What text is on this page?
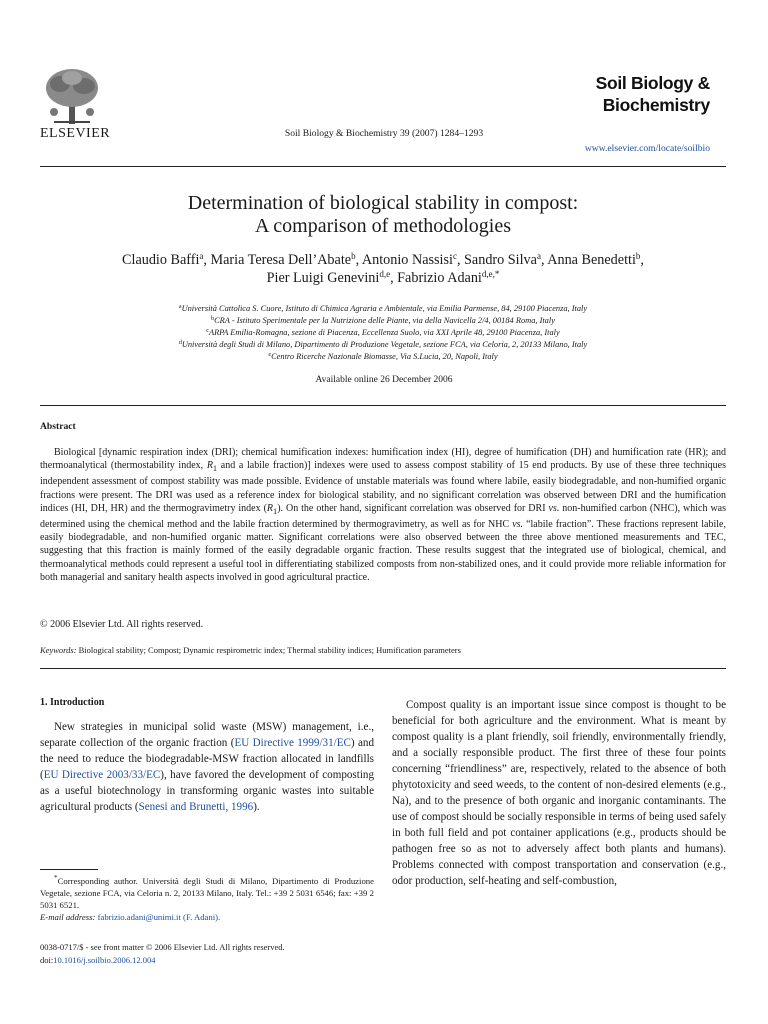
ELSEVIER	Soil Biology & Biochemistry 39 (2007) 1284–1293
Soil Biology &
Biochemistry
www.elsevier.com/locate/soilbio
Determination of biological stability in compost:
A comparison of methodologies
Claudio Baffi$^a$, Maria Teresa Dell’Abate$^b$, Antonio Nassisi$^c$, Sandro Silva$^a$, Anna Benedetti$^b$,
Pier Luigi Genevini$^{d,e}$, Fabrizio Adani$^{d,e,*}$
$^a$Università Cattolica S. Cuore, Istituto di Chimica Agraria e Ambientale, via Emilia Parmense, 84, 29100 Piacenza, Italy
$^b$CRA - Istituto Sperimentale per la Nutrizione delle Piante, via della Navicella 2/4, 00184 Roma, Italy
$^c$ARPA Emilia-Romagna, sezione di Piacenza, Eccellenza Suolo, via XXI Aprile 48, 29100 Piacenza, Italy
$^d$Università degli Studi di Milano, Dipartimento di Produzione Vegetale, sezione FCA, via Celoria, 2, 20133 Milano, Italy
$^e$Centro Ricerche Nazionale Biomasse, Via S.Lucia, 20, Napoli, Italy
Available online 26 December 2006
Abstract
Biological [dynamic respiration index (DRI); chemical humification indexes: humification index (HI), degree of humification (DH) and humification rate (HR); and thermoanalytical (thermostability index, $R_1$ and a labile fraction)] indexes were used to assess compost stability of 15 end products. By use of these three techniques independent assessment of compost stability was made possible. Evidence of unstable materials was found where labile, easily biodegradable, and non-humified organic fractions were present. The DRI was used as a reference index for biological stability, and no significant correlation was observed between DRI and the humification indices (HI, DH, HR) and the thermogravimetry index $(R_1)$. On the other hand, significant correlation was observed for DRI vs. non-humified carbon (NHC), which was determined using the chemical method and the labile fraction determined by thermogravimetry, as well as for NHC vs. “labile fraction”. These fractions represent labile, easily biodegradable, and non-humified organic matter. Significant correlations were also observed between the three above mentioned measurements and TEC, suggesting that this fraction is mainly formed of the easily degradable organic fraction. These results suggest that the integrated use of biological, chemical, and thermoanalytical methods could represent a useful tool in differentiating stabilized composts from non-stabilized ones, and it could provide more reliable information for both managerial and sanitary health aspects involved in good agricultural practice.
© 2006 Elsevier Ltd. All rights reserved.
Keywords: Biological stability; Compost; Dynamic respirometric index; Thermal stability indices; Humification parameters
1. Introduction
New strategies in municipal solid waste (MSW) management, i.e., separate collection of the organic fraction (EU Directive 1999/31/EC) and the need to reduce the biodegradable-MSW fraction allocated in landfills (EU Directive 2003/33/EC), have favored the development of composting as a useful biotechnology in transforming organic wastes into suitable agricultural products (Senesi and Brunetti, 1996).
*Corresponding author. Università degli Studi di Milano, Dipartimento di Produzione Vegetale, sezione FCA, via Celoria n. 2, 20133 Milano, Italy. Tel.: +39 2 5031 6546; fax: +39 2 5031 6521.
E-mail address: fabrizio.adani@unimi.it (F. Adani).
0038-0717/$ - see front matter © 2006 Elsevier Ltd. All rights reserved.
doi:10.1016/j.soilbio.2006.12.004
Compost quality is an important issue since compost is thought to be beneficial for both agriculture and the environment. What is meant by compost quality is a plant friendly, soil friendly, environmentally friendly, and a socially responsible product. The first three of these four points concerning “friendliness” are, respectively, related to the absence of both phytotoxicity and seed weeds, to the content of non-desired elements (e.g., Na), and to the presence of both organic and inorganic contaminants. The use of compost should be socially responsible in terms of being used safely in both full field and pot container applications (e.g., products should be pathogen free so as not to adversely affect both plants and humans). Problems connected with compost transportation and conservation (e.g., odor production, self-heating and self-combustion,
